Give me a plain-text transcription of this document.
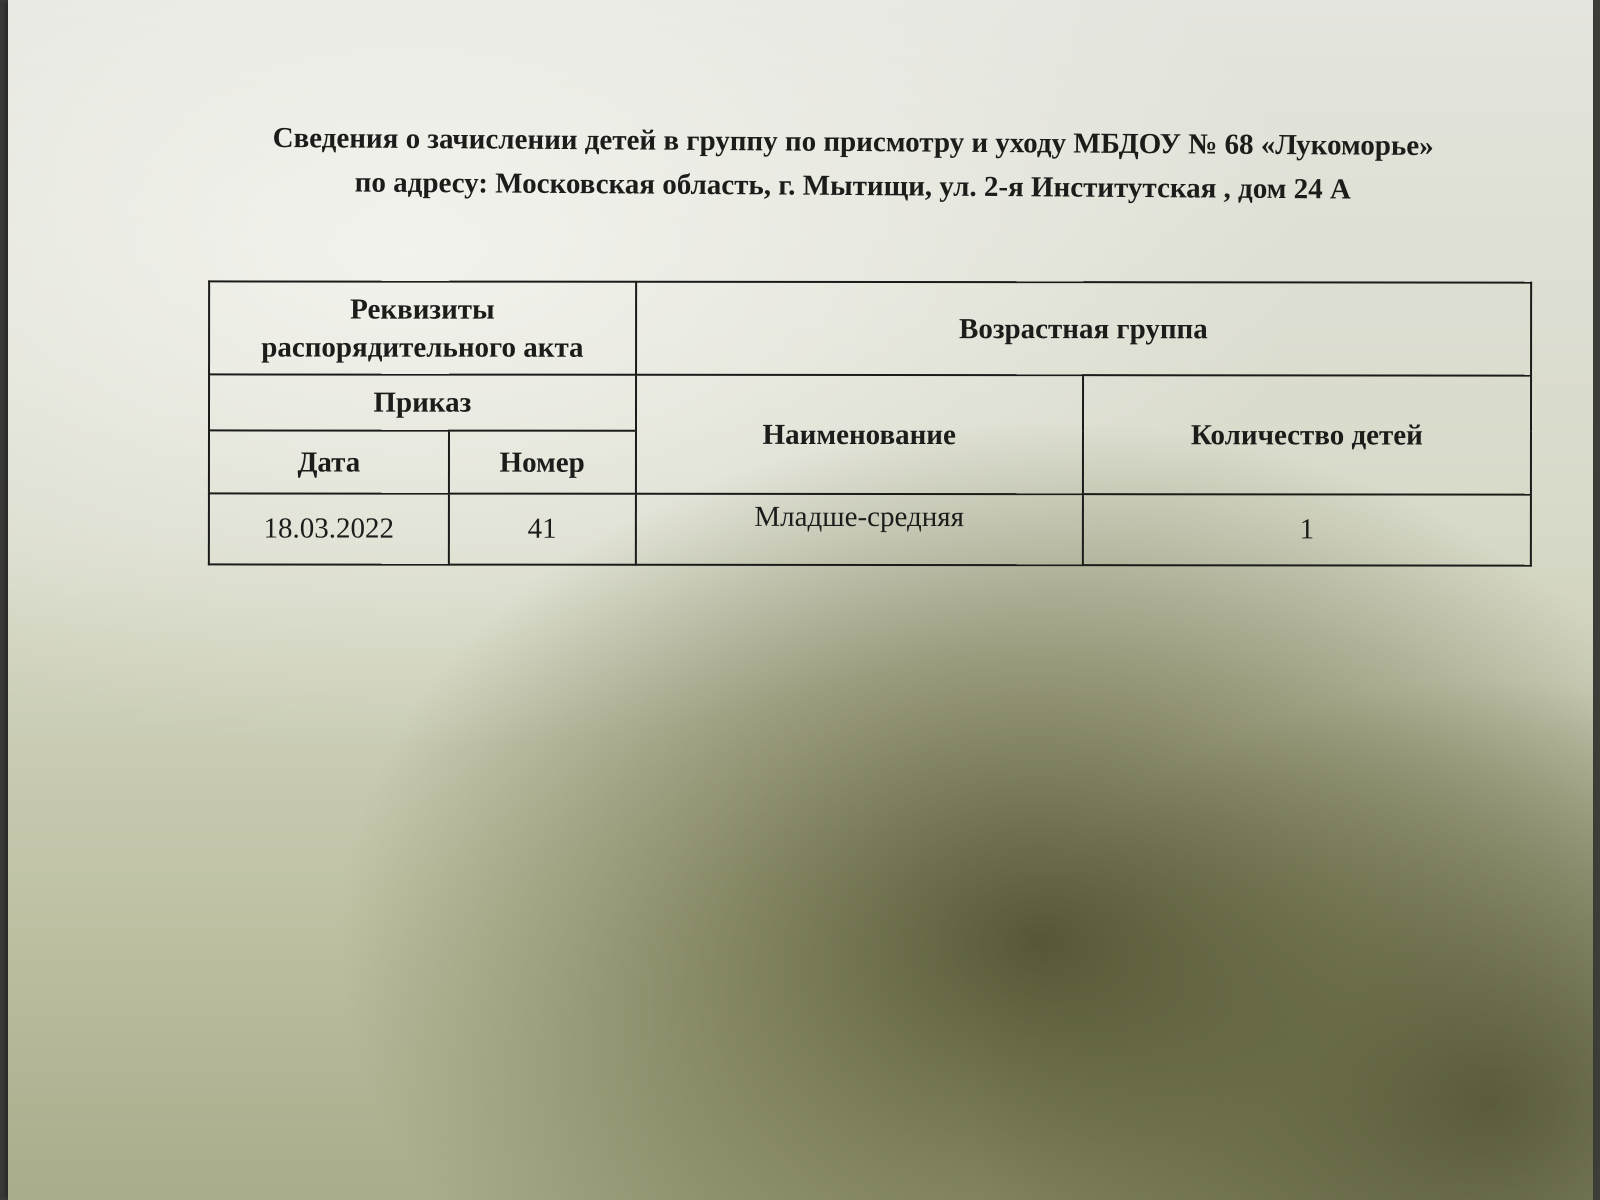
Сведения о зачислении детей в группу по присмотру и уходу МБДОУ № 68 «Лукоморье»
по адресу: Московская область, г. Мытищи, ул. 2-я Институтская , дом 24 А
Реквизиты распорядительного акта		Возрастная группа	
Приказ		Наименование	Количество детей
Дата	Номер		
18.03.2022	41	Младше-средняя	1
